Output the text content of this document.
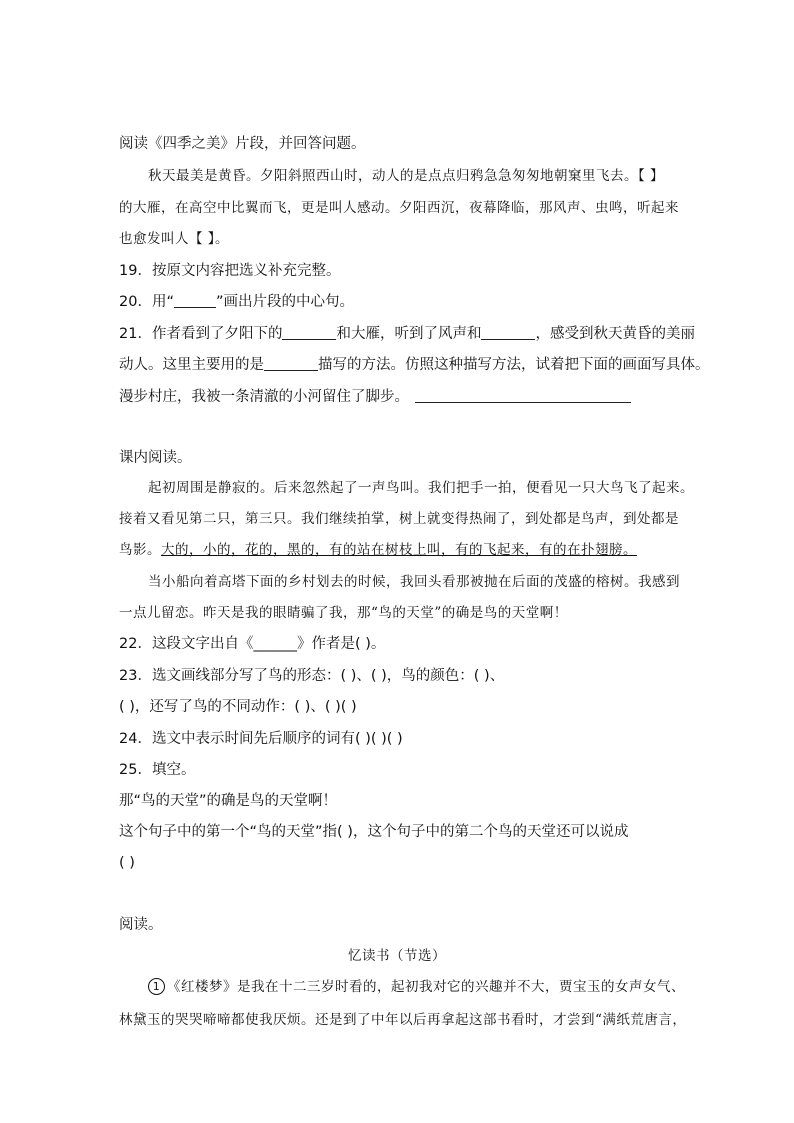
阅读《四季之美》片段，并回答问题。
秋天最美是黄昏。夕阳斜照西山时，动人的是点点归鸦急急匆匆地朝窠里飞去。【 】
的大雁，在高空中比翼而飞，更是叫人感动。夕阳西沉，夜幕降临，那风声、虫鸣，听起来
也愈发叫人【 】。
19．按原文内容把选义补充完整。
20．用“	”画出片段的中心句。
21．作者看到了夕阳下的	和大雁，听到了风声和	，感受到秋天黄昏的美丽
动人。这里主要用的是	描写的方法。仿照这种描写方法，试着把下面的画面写具体。
漫步村庄，我被一条清澈的小河留住了脚步。
课内阅读。
起初周围是静寂的。后来忽然起了一声鸟叫。我们把手一拍，便看见一只大鸟飞了起来。
接着又看见第二只，第三只。我们继续拍掌，树上就变得热闹了，到处都是鸟声，到处都是
鸟影。大的，小的，花的，黑的，有的站在树枝上叫，有的飞起来，有的在扑翅膀。
当小船向着高塔下面的乡村划去的时候，我回头看那被抛在后面的茂盛的榕树。我感到
一点儿留恋。昨天是我的眼睛骗了我，那“鸟的天堂”的确是鸟的天堂啊！
22．这段文字出自《______》作者是( )。
23．选文画线部分写了鸟的形态：( )、( )，鸟的颜色：( )、
( )，还写了鸟的不同动作：( )、( )( )
24．选文中表示时间先后顺序的词有( )( )( )
25．填空。
那“鸟的天堂”的确是鸟的天堂啊！
这个句子中的第一个“鸟的天堂”指( )，这个句子中的第二个鸟的天堂还可以说成
( )
阅读。
忆读书（节选）
1 《红楼梦》是我在十二三岁时看的，起初我对它的兴趣并不大，贾宝玉的女声女气、
林黛玉的哭哭啼啼都使我厌烦。还是到了中年以后再拿起这部书看时，才尝到“满纸荒唐言，
